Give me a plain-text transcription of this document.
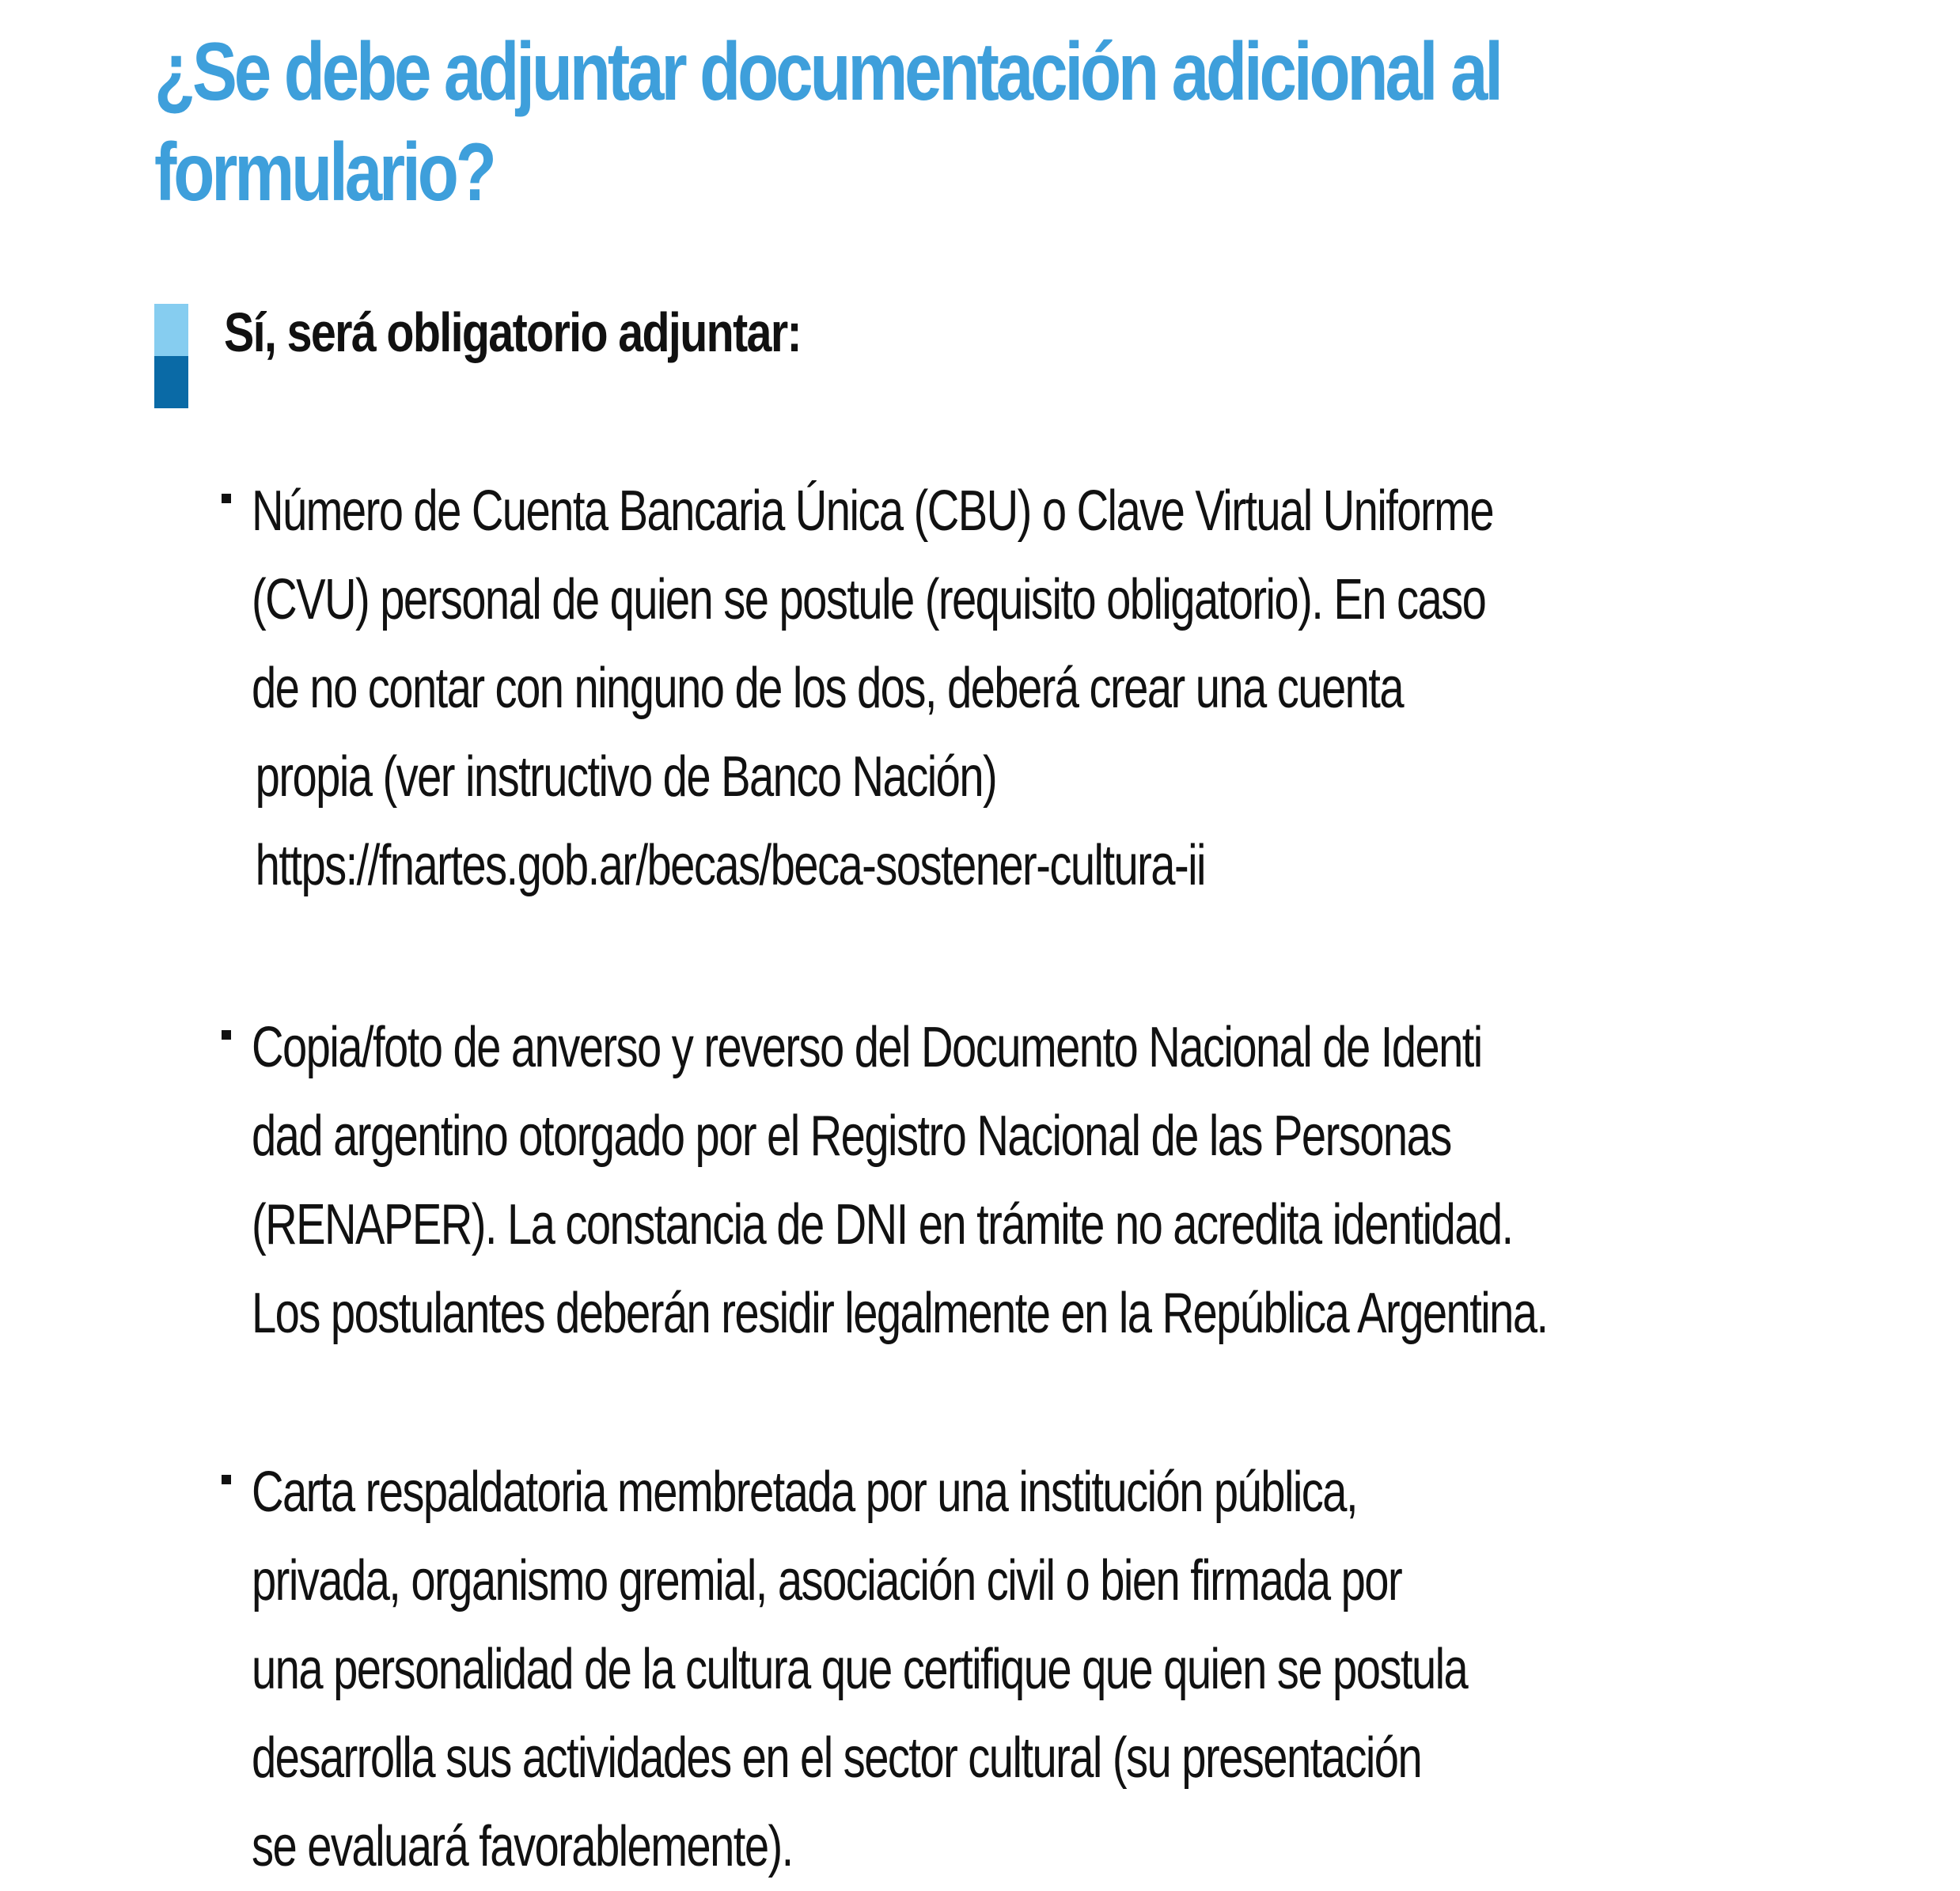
¿Se debe adjuntar documentación adicional al
formulario?

Sí, será obligatorio adjuntar:

Número de Cuenta Bancaria Única (CBU) o Clave Virtual Uniforme
(CVU) personal de quien se postule (requisito obligatorio). En caso
de no contar con ninguno de los dos, deberá crear una cuenta
propia (ver instructivo de Banco Nación)
https://fnartes.gob.ar/becas/beca-sostener-cultura-ii

Copia/foto de anverso y reverso del Documento Nacional de Identi
dad argentino otorgado por el Registro Nacional de las Personas
(RENAPER). La constancia de DNI en trámite no acredita identidad.
Los postulantes deberán residir legalmente en la República Argentina.

Carta respaldatoria membretada por una institución pública,
privada, organismo gremial, asociación civil o bien firmada por
una personalidad de la cultura que certifique que quien se postula
desarrolla sus actividades en el sector cultural (su presentación
se evaluará favorablemente).
